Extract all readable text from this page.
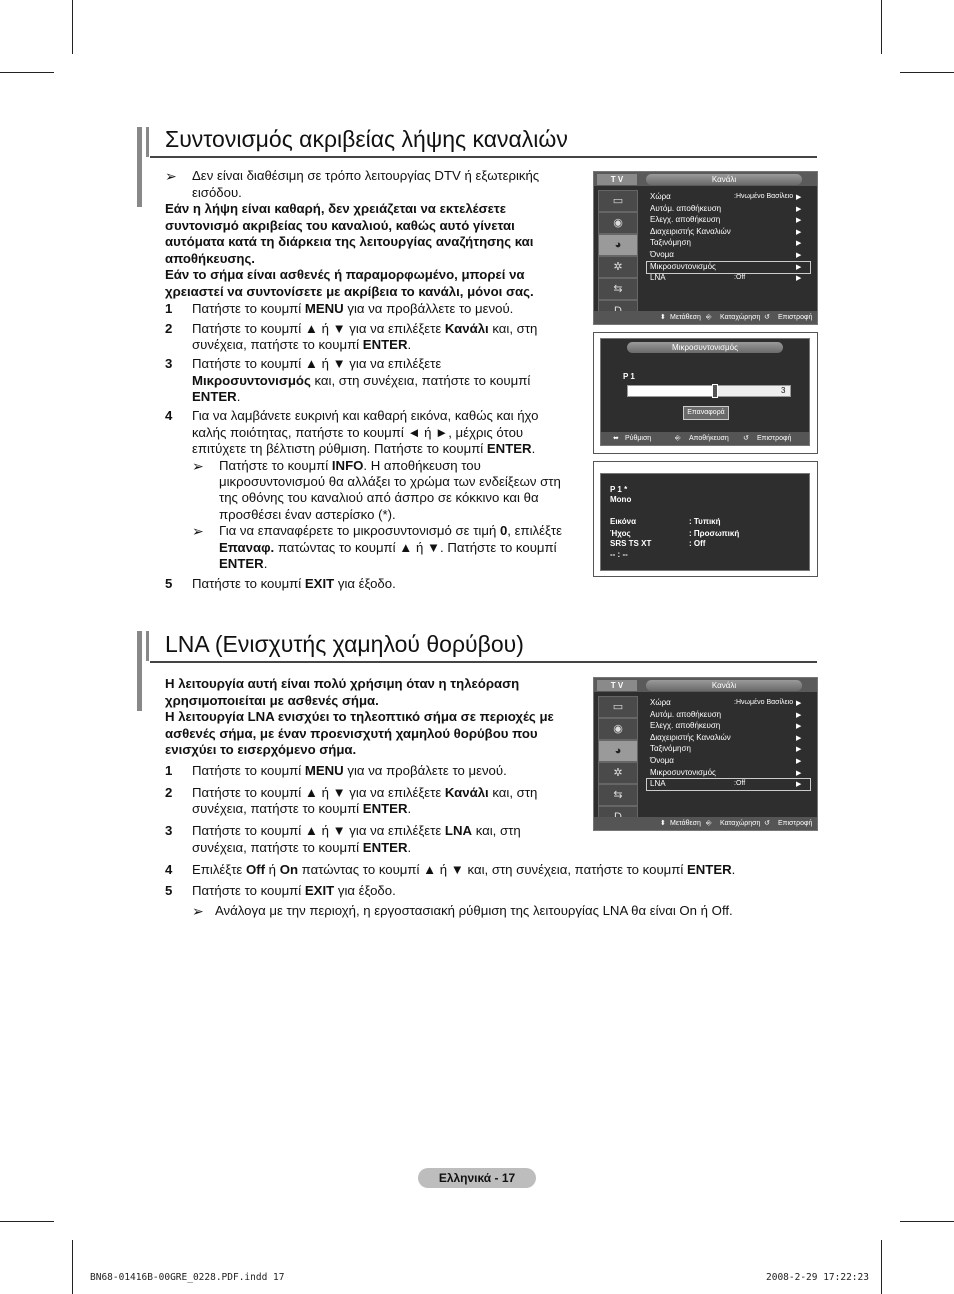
Συντονισμός ακριβείας λήψης καναλιών
➢ Δεν είναι διαθέσιμη σε τρόπο λειτουργίας DTV ή εξωτερικής εισόδου.
Εάν η λήψη είναι καθαρή, δεν χρειάζεται να εκτελέσετε συντονισμό ακριβείας του καναλιού, καθώς αυτό γίνεται αυτόματα κατά τη διάρκεια της λειτουργίας αναζήτησης και αποθήκευσης.
Εάν το σήμα είναι ασθενές ή παραμορφωμένο, μπορεί να χρειαστεί να συντονίσετε με ακρίβεια το κανάλι, μόνοι σας.
1 Πατήστε το κουμπί MENU για να προβάλλετε το μενού.
2 Πατήστε το κουμπί ▲ ή ▼ για να επιλέξετε Κανάλι και, στη
συνέχεια, πατήστε το κουμπί ENTER.
3 Πατήστε το κουμπί ▲ ή ▼ για να επιλέξετε
Μικροσυντονισμός και, στη συνέχεια, πατήστε το κουμπί
ENTER.
4 Για να λαμβάνετε ευκρινή και καθαρή εικόνα, καθώς και ήχο
καλής ποιότητας, πατήστε το κουμπί ◄ ή ►, μέχρις ότου
επιτύχετε τη βέλτιστη ρύθμιση. Πατήστε το κουμπί ENTER.
➢ Πατήστε το κουμπί INFO. Η αποθήκευση του
μικροσυντονισμού θα αλλάξει το χρώμα των ενδείξεων στη
της οθόνης του καναλιού από άσπρο σε κόκκινο και θα
προσθέσει έναν αστερίσκο (*).
➢ Για να επαναφέρετε το μικροσυντονισμό σε τιμή 0, επιλέξτε
Επαναφ. πατώντας το κουμπί ▲ ή ▼. Πατήστε το κουμπί
ENTER.
5 Πατήστε το κουμπί EXIT για έξοδο.
T V	Κανάλι
▭
◉
◕
✲
⇆
Χώρα	:Ηνωμένο Βασίλειο ▶
Αυτόμ. αποθήκευση	▶
Ελεγχ. αποθήκευση	▶
Διαχειριστής Καναλιών	▶
Ταξινόμηση	▶
Όνομα	▶
Μικροσυντονισμός	▶
LNA	:Off	▶
⬍ Μετάθεση ⎆ Καταχώρηση ↺ Επιστροφή
Μικροσυντονισμός
P 1
3
Επαναφορά
⬌ Ρύθμιση	⎆ Αποθήκευση ↺ Επιστροφή
P 1 *
Mono
Εικόνα	: Τυπική
Ήχος	: Προσωπική
SRS TS XT	: Off
-- : --
LNA (Ενισχυτής χαμηλού θορύβου)
Η λειτουργία αυτή είναι πολύ χρήσιμη όταν η τηλεόραση χρησιμοποιείται με ασθενές σήμα.
Η λειτουργία LNA ενισχύει το τηλεοπτικό σήμα σε περιοχές με ασθενές σήμα, με έναν προενισχυτή χαμηλού θορύβου που ενισχύει το εισερχόμενο σήμα.
1 Πατήστε το κουμπί MENU για να προβάλετε το μενού.
2 Πατήστε το κουμπί ▲ ή ▼ για να επιλέξετε Κανάλι και, στη
συνέχεια, πατήστε το κουμπί ENTER.
3 Πατήστε το κουμπί ▲ ή ▼ για να επιλέξετε LNA και, στη
συνέχεια, πατήστε το κουμπί ENTER.
4 Επιλέξτε Off ή On πατώντας το κουμπί ▲ ή ▼ και, στη συνέχεια, πατήστε το κουμπί ENTER.
5 Πατήστε το κουμπί EXIT για έξοδο.
➢ Ανάλογα με την περιοχή, η εργοστασιακή ρύθμιση της λειτουργίας LNA θα είναι On ή Off.
T V	Κανάλι
▭
◉
◕
✲
⇆
Χώρα	:Ηνωμένο Βασίλειο ▶
Αυτόμ. αποθήκευση	▶
Ελεγχ. αποθήκευση	▶
Διαχειριστής Καναλιών	▶
Ταξινόμηση	▶
Όνομα	▶
Μικροσυντονισμός	▶
LNA	:Off	▶
⬍ Μετάθεση ⎆ Καταχώρηση ↺ Επιστροφή
Ελληνικά - 17
BN68-01416B-00GRE_0228.PDF.indd 17	2008-2-29 17:22:23
